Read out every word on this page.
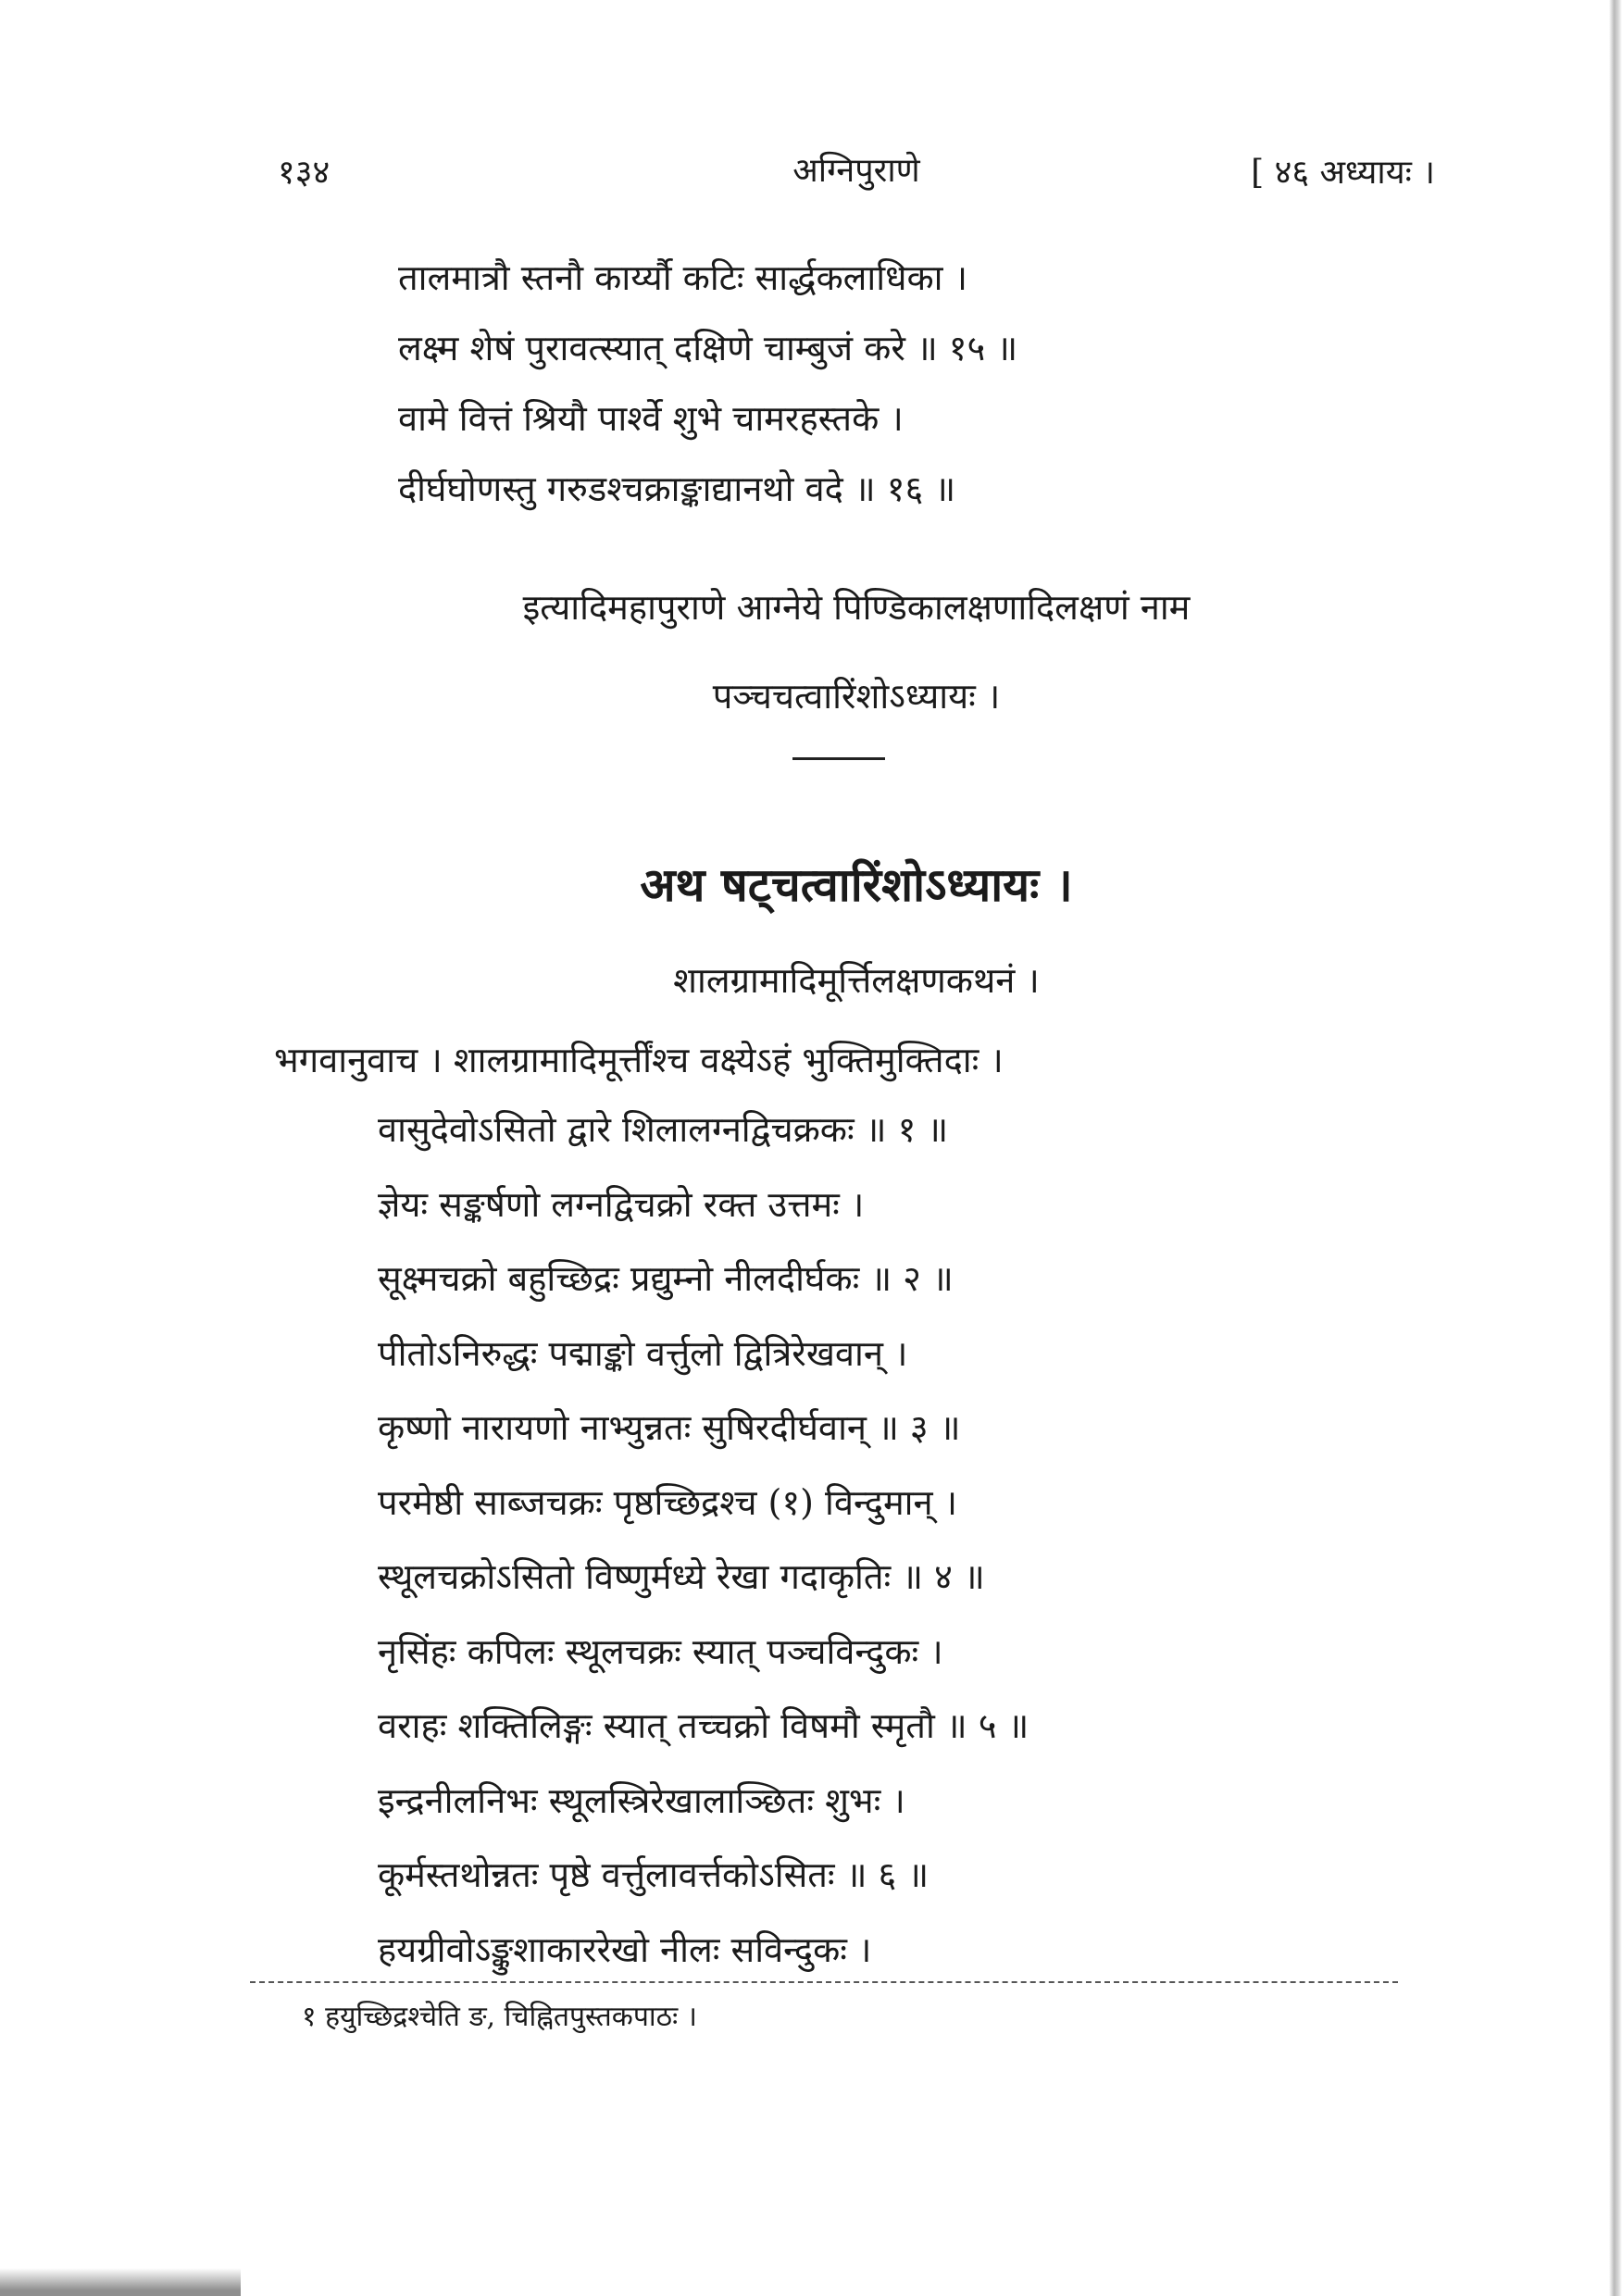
१३४	अग्निपुराणे	[ ४६ अध्यायः ।
तालमात्रौ स्तनौ कार्य्यौ कटिः सार्द्धकलाधिका ।
लक्ष्म शेषं पुरावत्स्यात् दक्षिणे चाम्बुजं करे ॥ १५ ॥
वामे वित्तं श्रियौ पार्श्वे शुभे चामरहस्तके ।
दीर्घघोणस्तु गरुडश्चक्राङ्काद्यानथो वदे ॥ १६ ॥
इत्यादिमहापुराणे आग्नेये पिण्डिकालक्षणादिलक्षणं नाम
पञ्चचत्वारिंशोऽध्यायः ।
अथ षट्चत्वारिंशोऽध्यायः ।
शालग्रामादिमूर्त्तिलक्षणकथनं ।
भगवानुवाच । शालग्रामादिमूर्त्तींश्च वक्ष्येऽहं भुक्तिमुक्तिदाः ।
वासुदेवोऽसितो द्वारे शिलालग्नद्विचक्रकः ॥ १ ॥
ज्ञेयः सङ्कर्षणो लग्नद्विचक्रो रक्त उत्तमः ।
सूक्ष्मचक्रो बहुच्छिद्रः प्रद्युम्नो नीलदीर्घकः ॥ २ ॥
पीतोऽनिरुद्धः पद्माङ्को वर्त्तुलो द्वित्रिरेखवान् ।
कृष्णो नारायणो नाभ्युन्नतः सुषिरदीर्घवान् ॥ ३ ॥
परमेष्ठी साब्जचक्रः पृष्ठच्छिद्रश्च (१) विन्दुमान् ।
स्थूलचक्रोऽसितो विष्णुर्मध्ये रेखा गदाकृतिः ॥ ४ ॥
नृसिंहः कपिलः स्थूलचक्रः स्यात् पञ्चविन्दुकः ।
वराहः शक्तिलिङ्गः स्यात् तच्चक्रो विषमौ स्मृतौ ॥ ५ ॥
इन्द्रनीलनिभः स्थूलस्त्रिरेखालाञ्छितः शुभः ।
कूर्मस्तथोन्नतः पृष्ठे वर्त्तुलावर्त्तकोऽसितः ॥ ६ ॥
हयग्रीवोऽङ्कुशाकाररेखो नीलः सविन्दुकः ।
१ हयुच्छिद्रश्चेति ङ, चिह्नितपुस्तकपाठः ।
